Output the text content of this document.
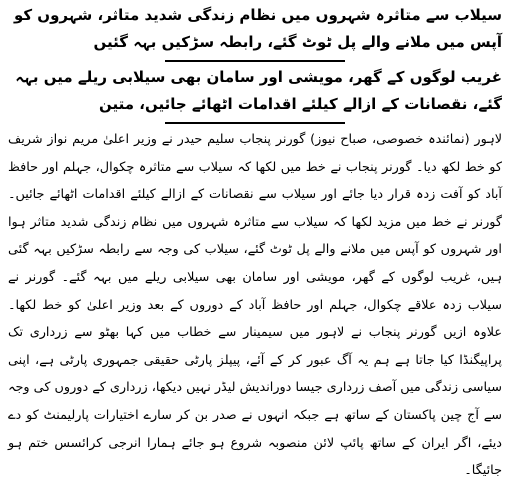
سیلاب سے متاثرہ شہروں میں نظام زندگی شدید متاثر، شہروں کو آپس میں ملانے والے پل ٹوٹ گئے، رابطہ سڑکیں بہہ گئیں

غریب لوگوں کے گھر، مویشی اور سامان بھی سیلابی ریلے میں بہہ گئے، نقصانات کے ازالے کیلئے اقدامات اٹھائے جائیں، متین

لاہور (نمائندہ خصوصی، صباح نیوز) گورنر پنجاب سلیم حیدر نے وزیر اعلیٰ مریم نواز شریف کو خط لکھ دیا۔ گورنر پنجاب نے خط میں لکھا کہ سیلاب سے متاثرہ چکوال، جہلم اور حافظ آباد کو آفت زدہ قرار دیا جائے اور سیلاب سے نقصانات کے ازالے کیلئے اقدامات اٹھائے جائیں۔ گورنر نے خط میں مزید لکھا کہ سیلاب سے متاثرہ شہروں میں نظام زندگی شدید متاثر ہوا اور شہروں کو آپس میں ملانے والے پل ٹوٹ گئے، سیلاب کی وجہ سے رابطہ سڑکیں بہہ گئی ہیں، غریب لوگوں کے گھر، مویشی اور سامان بھی سیلابی ریلے میں بہہ گئے۔ گورنر نے سیلاب زدہ علاقے چکوال، جہلم اور حافظ آباد کے دوروں کے بعد وزیر اعلیٰ کو خط لکھا۔ علاوہ ازیں گورنر پنجاب نے لاہور میں سیمینار سے خطاب میں کہا بھٹو سے زرداری تک پراپیگنڈا کیا جاتا ہے ہم یہ آگ عبور کر کے آئے، پیپلز پارٹی حقیقی جمہوری پارٹی ہے، اپنی سیاسی زندگی میں آصف زرداری جیسا دوراندیش لیڈر نہیں دیکھا، زرداری کے دوروں کی وجہ سے آج چین پاکستان کے ساتھ ہے جبکہ انہوں نے صدر بن کر سارے اختیارات پارلیمنٹ کو دے دیئے، اگر ایران کے ساتھ پائپ لائن منصوبہ شروع ہو جائے ہمارا انرجی کرائسس ختم ہو جائیگا۔
